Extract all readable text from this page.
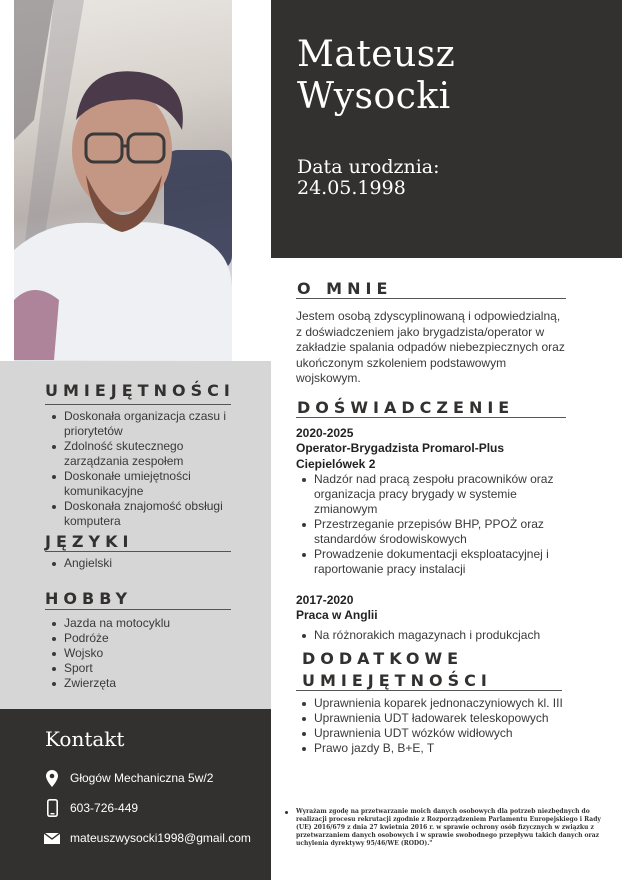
UMIEJĘTNOŚCI
Doskonała organizacja czasu i priorytetów
Zdolność skutecznego zarządzania zespołem
Doskonałe umiejętności komunikacyjne
Doskonała znajomość obsługi komputera
JĘZYKI
Angielski
HOBBY
Jazda na motocyklu
Podróże
Wojsko
Sport
Zwierzęta
Kontakt
Głogów Mechaniczna 5w/2
603-726-449
mateuszwysocki1998@gmail.com
Mateusz
Wysocki
Data urodznia:
24.05.1998
O MNIE
Jestem osobą zdyscyplinowaną i odpowiedzialną, z doświadczeniem jako brygadzista/operator w zakładzie spalania odpadów niebezpiecznych oraz ukończonym szkoleniem podstawowym wojskowym.
DOŚWIADCZENIE
2020-2025
Operator-Brygadzista Promarol-Plus Ciepielówek 2
Nadzór nad pracą zespołu pracowników oraz organizacja pracy brygady w systemie zmianowym
Przestrzeganie przepisów BHP, PPOŻ oraz standardów środowiskowych
Prowadzenie dokumentacji eksploatacyjnej i raportowanie pracy instalacji
2017-2020
Praca w Anglii
Na różnorakich magazynach i produkcjach
DODATKOWE
UMIEJĘTNOŚCI
Uprawnienia koparek jednonaczyniowych kl. III
Uprawnienia UDT ładowarek teleskopowych
Uprawnienia UDT wózków widłowych
Prawo jazdy B, B+E, T
Wyrażam zgodę na przetwarzanie moich danych osobowych dla potrzeb niezbędnych do realizacji procesu rekrutacji zgodnie z Rozporządzeniem Parlamentu Europejskiego i Rady (UE) 2016/679 z dnia 27 kwietnia 2016 r. w sprawie ochrony osób fizycznych w związku z przetwarzaniem danych osobowych i w sprawie swobodnego przepływu takich danych oraz uchylenia dyrektywy 95/46/WE (RODO)."
